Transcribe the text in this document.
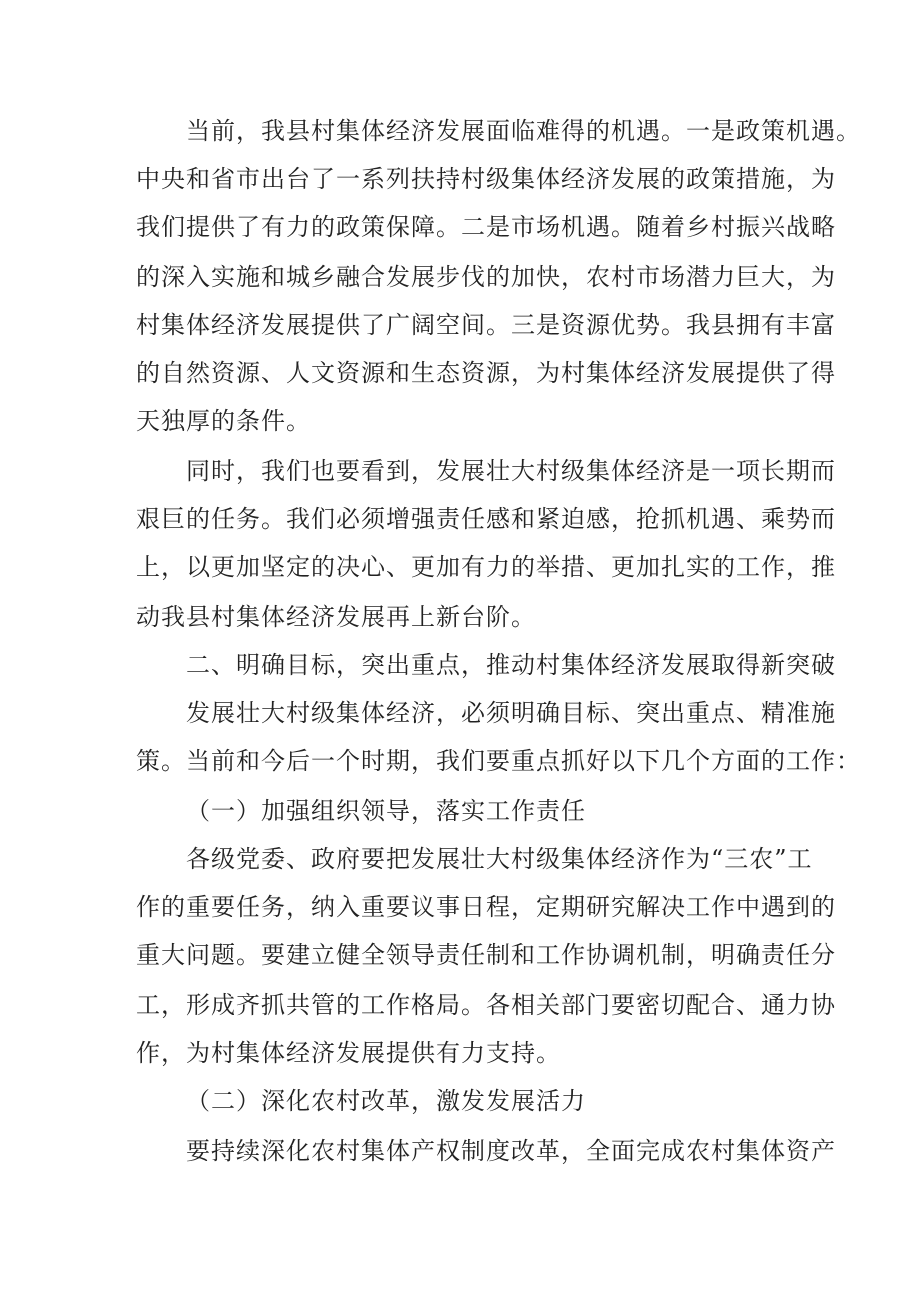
当前，我县村集体经济发展面临难得的机遇。一是政策机遇。
中央和省市出台了一系列扶持村级集体经济发展的政策措施，为
我们提供了有力的政策保障。二是市场机遇。随着乡村振兴战略
的深入实施和城乡融合发展步伐的加快，农村市场潜力巨大，为
村集体经济发展提供了广阔空间。三是资源优势。我县拥有丰富
的自然资源、人文资源和生态资源，为村集体经济发展提供了得
天独厚的条件。
同时，我们也要看到，发展壮大村级集体经济是一项长期而
艰巨的任务。我们必须增强责任感和紧迫感，抢抓机遇、乘势而
上，以更加坚定的决心、更加有力的举措、更加扎实的工作，推
动我县村集体经济发展再上新台阶。
二、明确目标，突出重点，推动村集体经济发展取得新突破
发展壮大村级集体经济，必须明确目标、突出重点、精准施
策。当前和今后一个时期，我们要重点抓好以下几个方面的工作：
（一）加强组织领导，落实工作责任
各级党委、政府要把发展壮大村级集体经济作为“三农”工
作的重要任务，纳入重要议事日程，定期研究解决工作中遇到的
重大问题。要建立健全领导责任制和工作协调机制，明确责任分
工，形成齐抓共管的工作格局。各相关部门要密切配合、通力协
作，为村集体经济发展提供有力支持。
（二）深化农村改革，激发发展活力
要持续深化农村集体产权制度改革，全面完成农村集体资产
